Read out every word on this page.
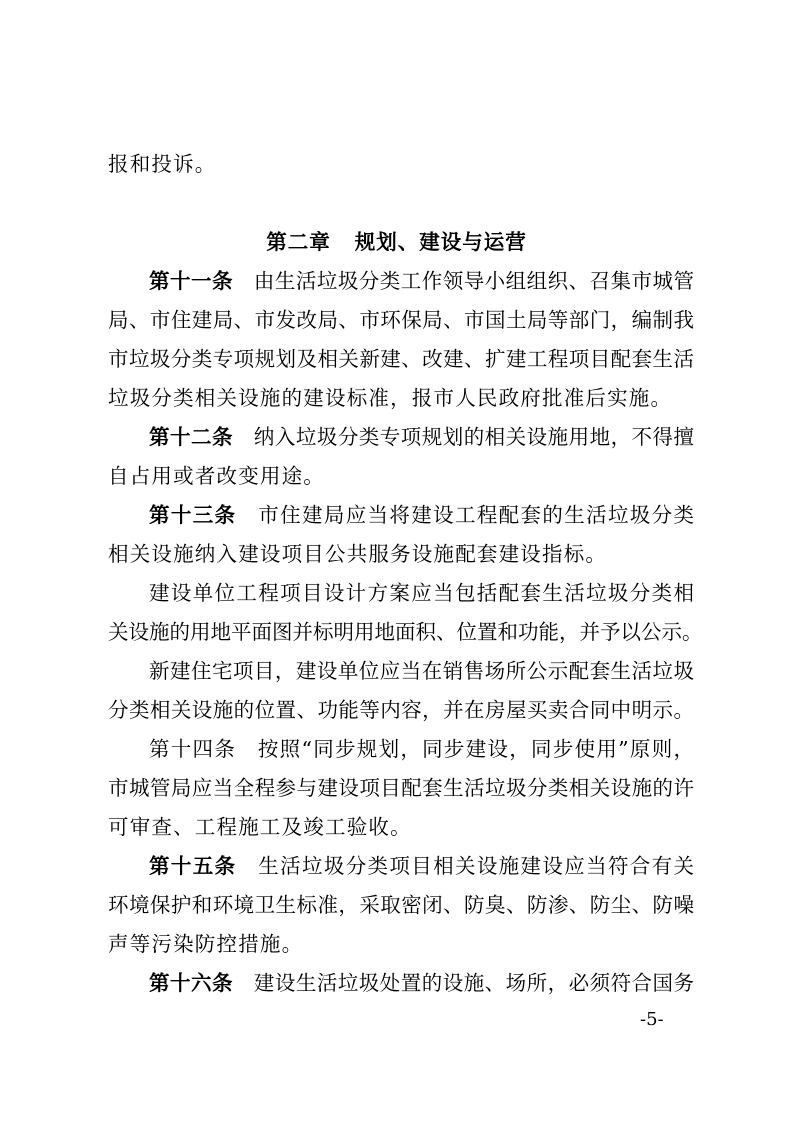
第二章 规划、建设与运营
报和投诉。
第十一条　 由生活垃圾分类工作领导小组组织、召集市城管
局、市住建局、市发改局、市环保局、市国土局等部门，编制我
市垃圾分类专项规划及相关新建、改建、扩建工程项目配套生活
垃圾分类相关设施的建设标准，报市人民政府批准后实施。
第十二条　 纳入垃圾分类专项规划的相关设施用地，不得擅
自占用或者改变用途。
第十三条　 市住建局应当将建设工程配套的生活垃圾分类
相关设施纳入建设项目公共服务设施配套建设指标。
建设单位工程项目设计方案应当包括配套生活垃圾分类相
关设施的用地平面图并标明用地面积、位置和功能，并予以公示。
新建住宅项目，建设单位应当在销售场所公示配套生活垃圾
分类相关设施的位置、功能等内容，并在房屋买卖合同中明示。
第十四条　 按照“同步规划，同步建设，同步使用”原则，
市城管局应当全程参与建设项目配套生活垃圾分类相关设施的许
可审查、工程施工及竣工验收。
第十五条　 生活垃圾分类项目相关设施建设应当符合有关
环境保护和环境卫生标准，采取密闭、防臭、防渗、防尘、防噪
声等污染防控措施。
第十六条　 建设生活垃圾处置的设施、场所，必须符合国务
-5-
